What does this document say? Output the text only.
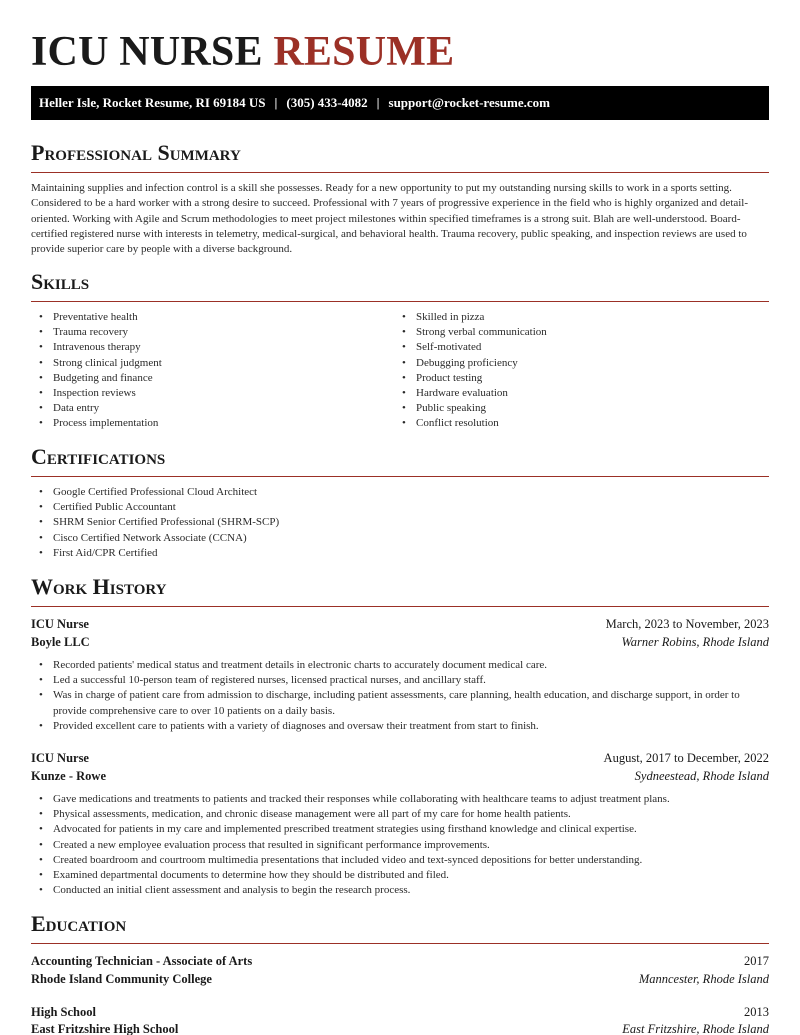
ICU NURSE RESUME
Heller Isle, Rocket Resume, RI 69184 US | (305) 433-4082 | support@rocket-resume.com
Professional Summary
Maintaining supplies and infection control is a skill she possesses. Ready for a new opportunity to put my outstanding nursing skills to work in a sports setting. Considered to be a hard worker with a strong desire to succeed. Professional with 7 years of progressive experience in the field who is highly organized and detail-oriented. Working with Agile and Scrum methodologies to meet project milestones within specified timeframes is a strong suit. Blah are well-understood. Board-certified registered nurse with interests in telemetry, medical-surgical, and behavioral health. Trauma recovery, public speaking, and inspection reviews are used to provide superior care by people with a diverse background.
Skills
• Preventative health
• Trauma recovery
• Intravenous therapy
• Strong clinical judgment
• Budgeting and finance
• Inspection reviews
• Data entry
• Process implementation
• Skilled in pizza
• Strong verbal communication
• Self-motivated
• Debugging proficiency
• Product testing
• Hardware evaluation
• Public speaking
• Conflict resolution
Certifications
• Google Certified Professional Cloud Architect
• Certified Public Accountant
• SHRM Senior Certified Professional (SHRM-SCP)
• Cisco Certified Network Associate (CCNA)
• First Aid/CPR Certified
Work History
ICU Nurse	March, 2023 to November, 2023
Boyle LLC	Warner Robins, Rhode Island
• Recorded patients' medical status and treatment details in electronic charts to accurately document medical care.
• Led a successful 10-person team of registered nurses, licensed practical nurses, and ancillary staff.
• Was in charge of patient care from admission to discharge, including patient assessments, care planning, health education, and discharge support, in order to provide comprehensive care to over 10 patients on a daily basis.
• Provided excellent care to patients with a variety of diagnoses and oversaw their treatment from start to finish.
ICU Nurse	August, 2017 to December, 2022
Kunze - Rowe	Sydneestead, Rhode Island
• Gave medications and treatments to patients and tracked their responses while collaborating with healthcare teams to adjust treatment plans.
• Physical assessments, medication, and chronic disease management were all part of my care for home health patients.
• Advocated for patients in my care and implemented prescribed treatment strategies using firsthand knowledge and clinical expertise.
• Created a new employee evaluation process that resulted in significant performance improvements.
• Created boardroom and courtroom multimedia presentations that included video and text-synced depositions for better understanding.
• Examined departmental documents to determine how they should be distributed and filed.
• Conducted an initial client assessment and analysis to begin the research process.
Education
Accounting Technician - Associate of Arts	2017
Rhode Island Community College	Manncester, Rhode Island
High School	2013
East Fritzshire High School	East Fritzshire, Rhode Island
